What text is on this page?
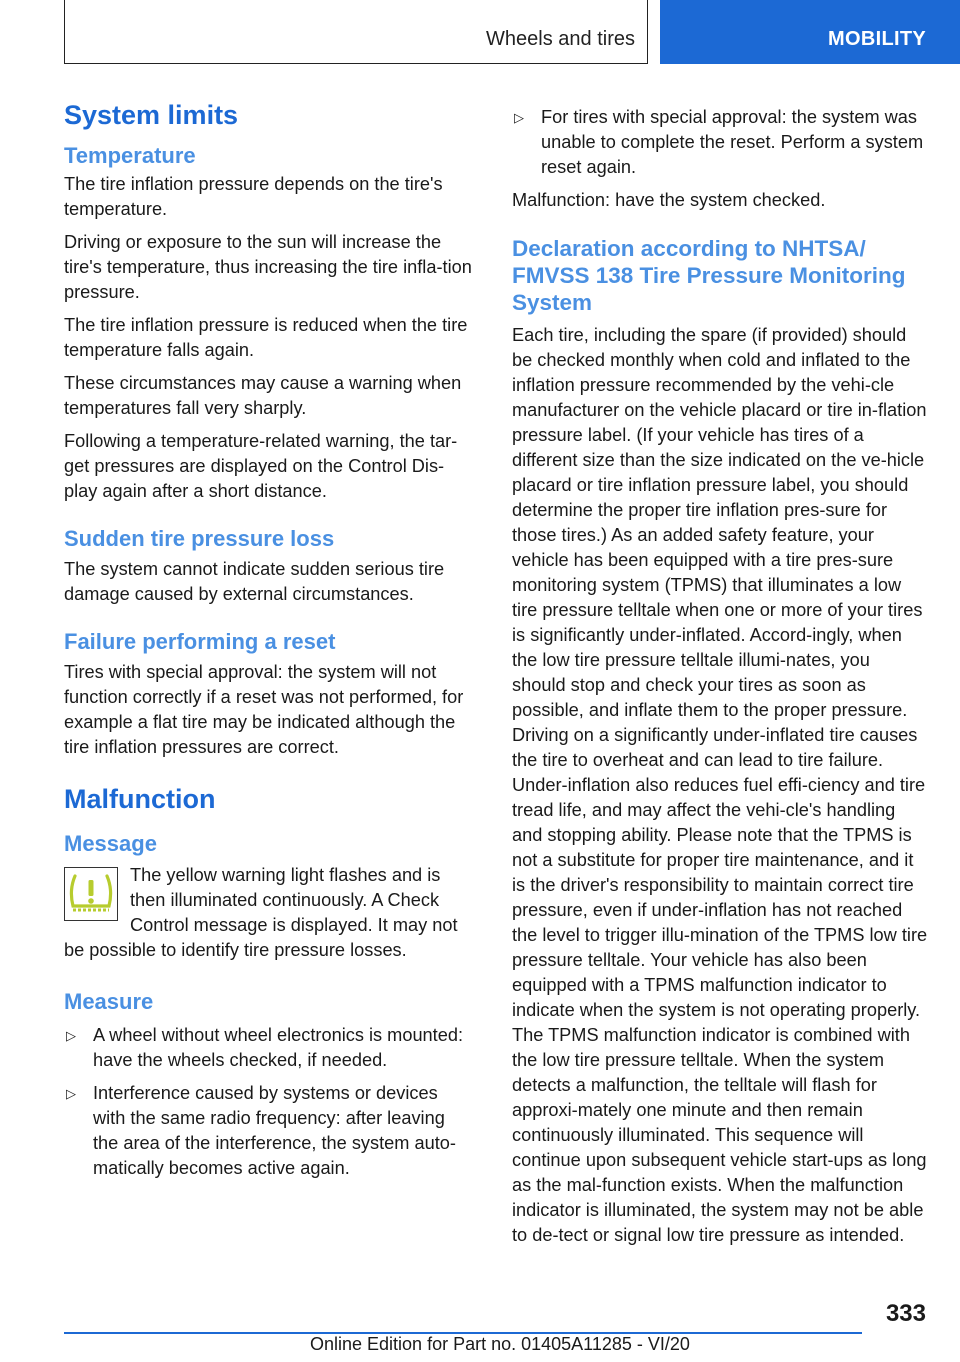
Wheels and tires	MOBILITY
System limits
Temperature

The tire inflation pressure depends on the tire's temperature.

Driving or exposure to the sun will increase the tire's temperature, thus increasing the tire infla-tion pressure.

The tire inflation pressure is reduced when the tire temperature falls again.

These circumstances may cause a warning when temperatures fall very sharply.

Following a temperature-related warning, the tar-get pressures are displayed on the Control Dis-play again after a short distance.

Sudden tire pressure loss

The system cannot indicate sudden serious tire damage caused by external circumstances.

Failure performing a reset

Tires with special approval: the system will not function correctly if a reset was not performed, for example a flat tire may be indicated although the tire inflation pressures are correct.

Malfunction
Message

The yellow warning light flashes and is then illuminated continuously. A Check Control message is displayed. It may not be possible to identify tire pressure losses.

Measure
▷ A wheel without wheel electronics is mounted: have the wheels checked, if needed.

▷ Interference caused by systems or devices with the same radio frequency: after leaving the area of the interference, the system auto-matically becomes active again.

▷ For tires with special approval: the system was unable to complete the reset. Perform a system reset again.

Malfunction: have the system checked.

Declaration according to NHTSA/ FMVSS 138 Tire Pressure Monitoring System

Each tire, including the spare (if provided) should be checked monthly when cold and inflated to the inflation pressure recommended by the vehi-cle manufacturer on the vehicle placard or tire in-flation pressure label. (If your vehicle has tires of a different size than the size indicated on the ve-hicle placard or tire inflation pressure label, you should determine the proper tire inflation pres-sure for those tires.) As an added safety feature, your vehicle has been equipped with a tire pres-sure monitoring system (TPMS) that illuminates a low tire pressure telltale when one or more of your tires is significantly under-inflated. Accord-ingly, when the low tire pressure telltale illumi-nates, you should stop and check your tires as soon as possible, and inflate them to the proper pressure. Driving on a significantly under-inflated tire causes the tire to overheat and can lead to tire failure. Under-inflation also reduces fuel effi-ciency and tire tread life, and may affect the vehi-cle's handling and stopping ability. Please note that the TPMS is not a substitute for proper tire maintenance, and it is the driver's responsibility to maintain correct tire pressure, even if under-inflation has not reached the level to trigger illu-mination of the TPMS low tire pressure telltale. Your vehicle has also been equipped with a TPMS malfunction indicator to indicate when the system is not operating properly. The TPMS malfunction indicator is combined with the low tire pressure telltale. When the system detects a malfunction, the telltale will flash for approxi-mately one minute and then remain continuously illuminated. This sequence will continue upon subsequent vehicle start-ups as long as the mal-function exists. When the malfunction indicator is illuminated, the system may not be able to de-tect or signal low tire pressure as intended.

333
Online Edition for Part no. 01405A11285 - VI/20
